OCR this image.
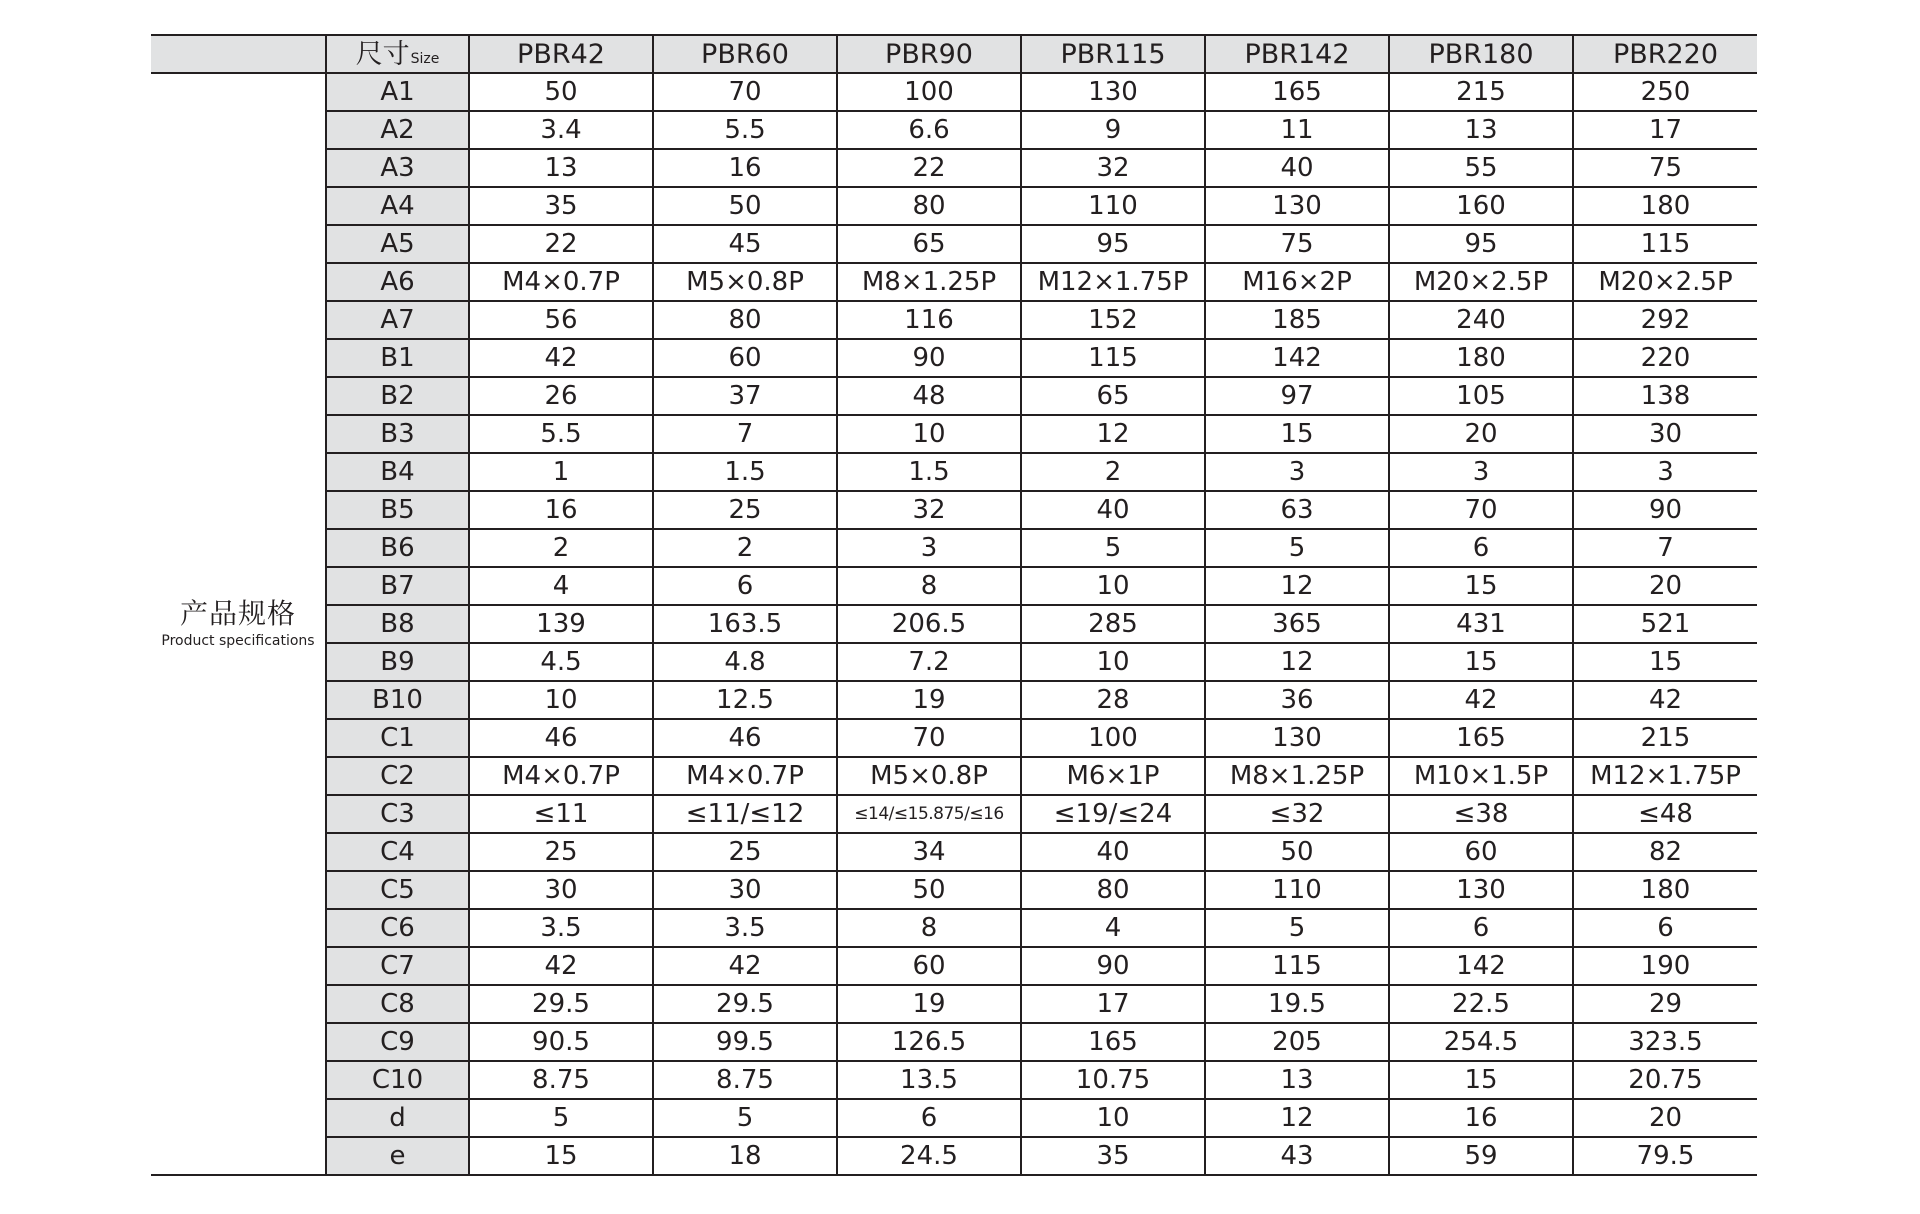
	尺寸Size	PBR42	PBR60	PBR90	PBR115	PBR142	PBR180	PBR220

产品规格
Product specifications	A1	50	70	100	130	165	215	250
	A2	3.4	5.5	6.6	9	11	13	17
	A3	13	16	22	32	40	55	75
	A4	35	50	80	110	130	160	180
	A5	22	45	65	95	75	95	115
	A6	M4×0.7P	M5×0.8P	M8×1.25P	M12×1.75P	M16×2P	M20×2.5P	M20×2.5P
	A7	56	80	116	152	185	240	292
	B1	42	60	90	115	142	180	220
	B2	26	37	48	65	97	105	138
	B3	5.5	7	10	12	15	20	30
	B4	1	1.5	1.5	2	3	3	3
	B5	16	25	32	40	63	70	90
	B6	2	2	3	5	5	6	7
	B7	4	6	8	10	12	15	20
	B8	139	163.5	206.5	285	365	431	521
	B9	4.5	4.8	7.2	10	12	15	15
	B10	10	12.5	19	28	36	42	42
	C1	46	46	70	100	130	165	215
	C2	M4×0.7P	M4×0.7P	M5×0.8P	M6×1P	M8×1.25P	M10×1.5P	M12×1.75P
	C3	≤11	≤11/≤12	≤14/≤15.875/≤16	≤19/≤24	≤32	≤38	≤48
	C4	25	25	34	40	50	60	82
	C5	30	30	50	80	110	130	180
	C6	3.5	3.5	8	4	5	6	6
	C7	42	42	60	90	115	142	190
	C8	29.5	29.5	19	17	19.5	22.5	29
	C9	90.5	99.5	126.5	165	205	254.5	323.5
	C10	8.75	8.75	13.5	10.75	13	15	20.75
	d	5	5	6	10	12	16	20
	e	15	18	24.5	35	43	59	79.5
